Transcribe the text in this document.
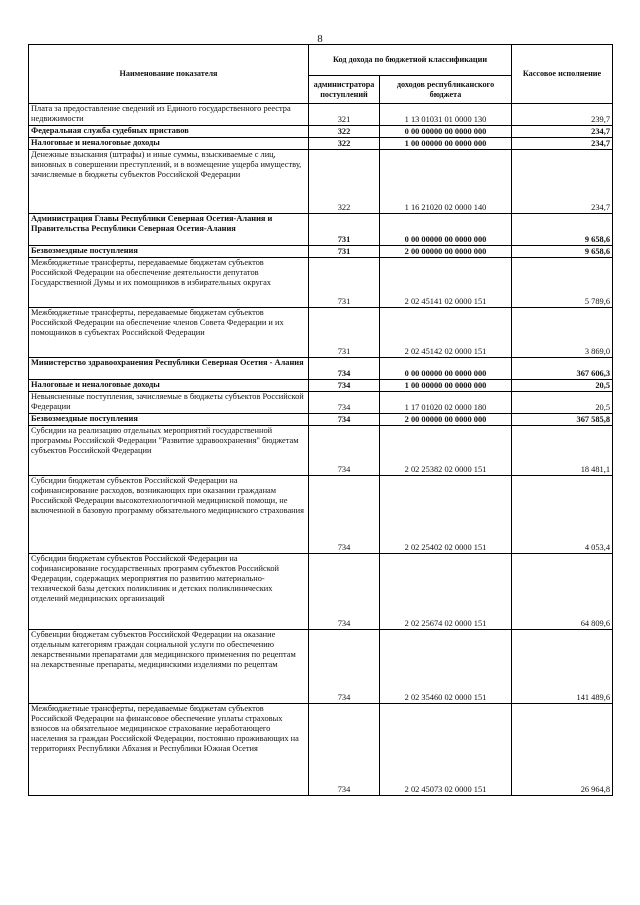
8
Наименование показателя	Код дохода по бюджетной классификации		Кассовое исполнение
	администратора поступлений	доходов республиканского бюджета	
Плата за предоставление сведений из Единого государственного реестра недвижимости	321	1 13 01031 01 0000 130	239,7
Федеральная служба судебных приставов	322	0 00 00000 00 0000 000	234,7
Налоговые и неналоговые доходы	322	1 00 00000 00 0000 000	234,7
Денежные взыскания (штрафы) и иные суммы, взыскиваемые с лиц, виновных в совершении преступлений, и в возмещение ущерба имуществу, зачисляемые в бюджеты субъектов Российской Федерации	322	1 16 21020 02 0000 140	234,7
Администрация Главы Республики Северная Осетия-Алания и Правительства Республики Северная Осетия-Алания	731	0 00 00000 00 0000 000	9 658,6
Безвозмездные поступления	731	2 00 00000 00 0000 000	9 658,6
Межбюджетные трансферты, передаваемые бюджетам субъектов Российской Федерации на обеспечение деятельности депутатов Государственной Думы и их помощников в избирательных округах	731	2 02 45141 02 0000 151	5 789,6
Межбюджетные трансферты, передаваемые бюджетам субъектов Российской Федерации на обеспечение членов Совета Федерации и их помощников в субъектах Российской Федерации	731	2 02 45142 02 0000 151	3 869,0
Министерство здравоохранения Республики Северная Осетия - Алания	734	0 00 00000 00 0000 000	367 606,3
Налоговые и неналоговые доходы	734	1 00 00000 00 0000 000	20,5
Невыясненные поступления, зачисляемые в бюджеты субъектов Российской Федерации	734	1 17 01020 02 0000 180	20,5
Безвозмездные поступления	734	2 00 00000 00 0000 000	367 585,8
Субсидии на реализацию отдельных мероприятий государственной программы Российской Федерации "Развитие здравоохранения" бюджетам субъектов Российской Федерации	734	2 02 25382 02 0000 151	18 481,1
Субсидии бюджетам субъектов Российской Федерации на софинансирование расходов, возникающих при оказании гражданам Российской Федерации высокотехнологичной медицинской помощи, не включенной в базовую программу обязательного медицинского страхования	734	2 02 25402 02 0000 151	4 053,4
Субсидии бюджетам субъектов Российской Федерации на софинансирование государственных программ субъектов Российской Федерации, содержащих мероприятия по развитию материально-технической базы детских поликлиник и детских поликлинических отделений медицинских организаций	734	2 02 25674 02 0000 151	64 809,6
Субвенции бюджетам субъектов Российской Федерации на оказание отдельным категориям граждан социальной услуги по обеспечению лекарственными препаратами для медицинского применения по рецептам на лекарственные препараты, медицинскими изделиями по рецептам	734	2 02 35460 02 0000 151	141 489,6
Межбюджетные трансферты, передаваемые бюджетам субъектов Российской Федерации на финансовое обеспечение уплаты страховых взносов на обязательное медицинское страхование неработающего населения за граждан Российской Федерации, постоянно проживающих на территориях Республики Абхазия и Республики Южная Осетия	734	2 02 45073 02 0000 151	26 964,8
